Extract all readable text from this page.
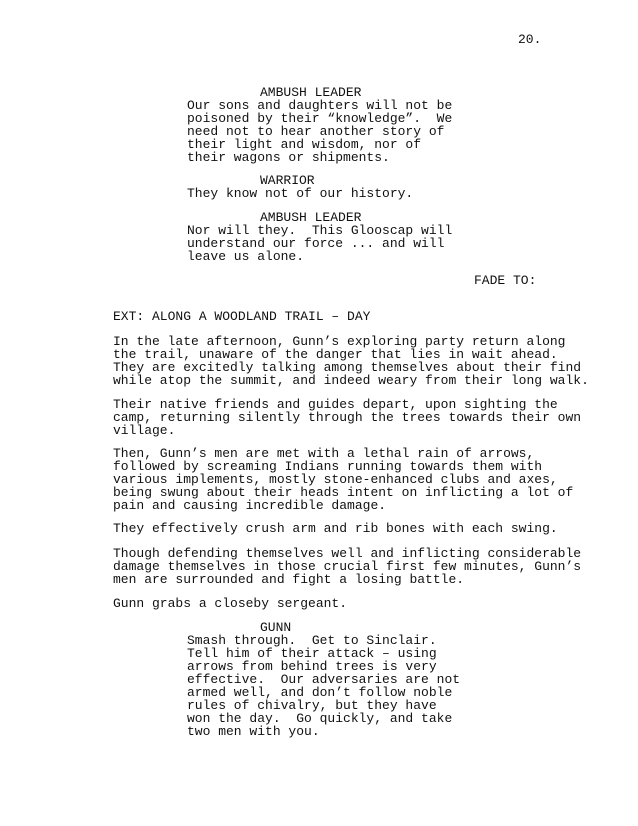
20.
AMBUSH LEADER
Our sons and daughters will not be
poisoned by their “knowledge”.  We
need not to hear another story of
their light and wisdom, nor of
their wagons or shipments.
WARRIOR
They know not of our history.
AMBUSH LEADER
Nor will they.  This Glooscap will
understand our force ... and will
leave us alone.
FADE TO:
EXT: ALONG A WOODLAND TRAIL – DAY
In the late afternoon, Gunn’s exploring party return along
the trail, unaware of the danger that lies in wait ahead.
They are excitedly talking among themselves about their find
while atop the summit, and indeed weary from their long walk.
Their native friends and guides depart, upon sighting the
camp, returning silently through the trees towards their own
village.
Then, Gunn’s men are met with a lethal rain of arrows,
followed by screaming Indians running towards them with
various implements, mostly stone-enhanced clubs and axes,
being swung about their heads intent on inflicting a lot of
pain and causing incredible damage.
They effectively crush arm and rib bones with each swing.
Though defending themselves well and inflicting considerable
damage themselves in those crucial first few minutes, Gunn’s
men are surrounded and fight a losing battle.
Gunn grabs a closeby sergeant.
GUNN
Smash through.  Get to Sinclair.
Tell him of their attack – using
arrows from behind trees is very
effective.  Our adversaries are not
armed well, and don’t follow noble
rules of chivalry, but they have
won the day.  Go quickly, and take
two men with you.
